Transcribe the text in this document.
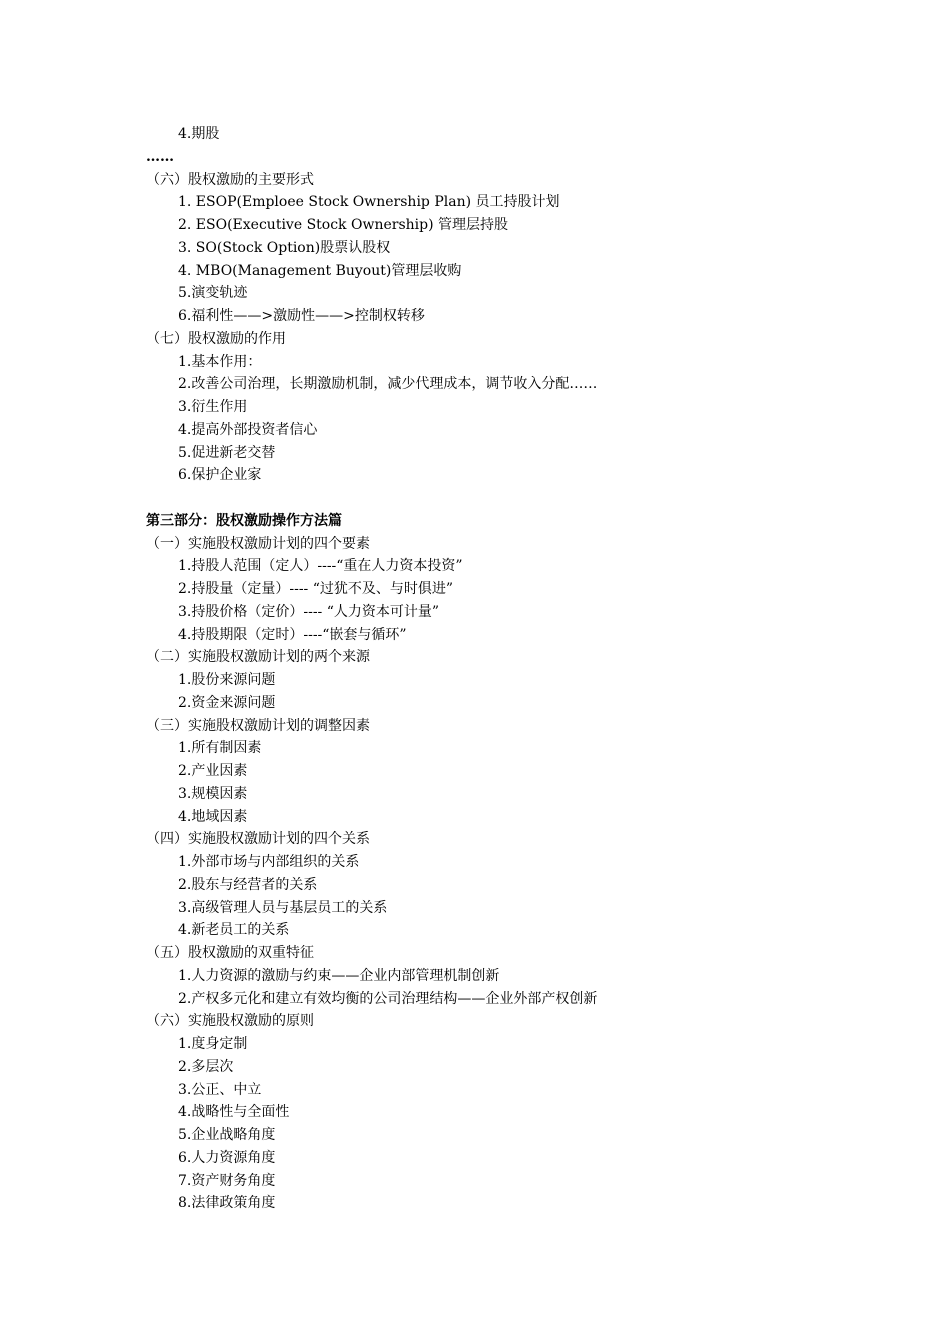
4.期股
……
（六）股权激励的主要形式
1. ESOP(Emploee Stock Ownership Plan) 员工持股计划
2. ESO(Executive Stock Ownership) 管理层持股
3. SO(Stock Option)股票认股权
4. MBO(Management Buyout)管理层收购
5.演变轨迹
6.福利性——>激励性——>控制权转移
（七）股权激励的作用
1.基本作用：
2.改善公司治理，长期激励机制，减少代理成本，调节收入分配……
3.衍生作用
4.提高外部投资者信心
5.促进新老交替
6.保护企业家
第三部分：股权激励操作方法篇
（一）实施股权激励计划的四个要素
1.持股人范围（定人）----“重在人力资本投资”
2.持股量（定量）---- “过犹不及、与时俱进”
3.持股价格（定价）---- “人力资本可计量”
4.持股期限（定时）----“嵌套与循环”
（二）实施股权激励计划的两个来源
1.股份来源问题
2.资金来源问题
（三）实施股权激励计划的调整因素
1.所有制因素
2.产业因素
3.规模因素
4.地域因素
（四）实施股权激励计划的四个关系
1.外部市场与内部组织的关系
2.股东与经营者的关系
3.高级管理人员与基层员工的关系
4.新老员工的关系
（五）股权激励的双重特征
1.人力资源的激励与约束——企业内部管理机制创新
2.产权多元化和建立有效均衡的公司治理结构——企业外部产权创新
（六）实施股权激励的原则
1.度身定制
2.多层次
3.公正、中立
4.战略性与全面性
5.企业战略角度
6.人力资源角度
7.资产财务角度
8.法律政策角度
